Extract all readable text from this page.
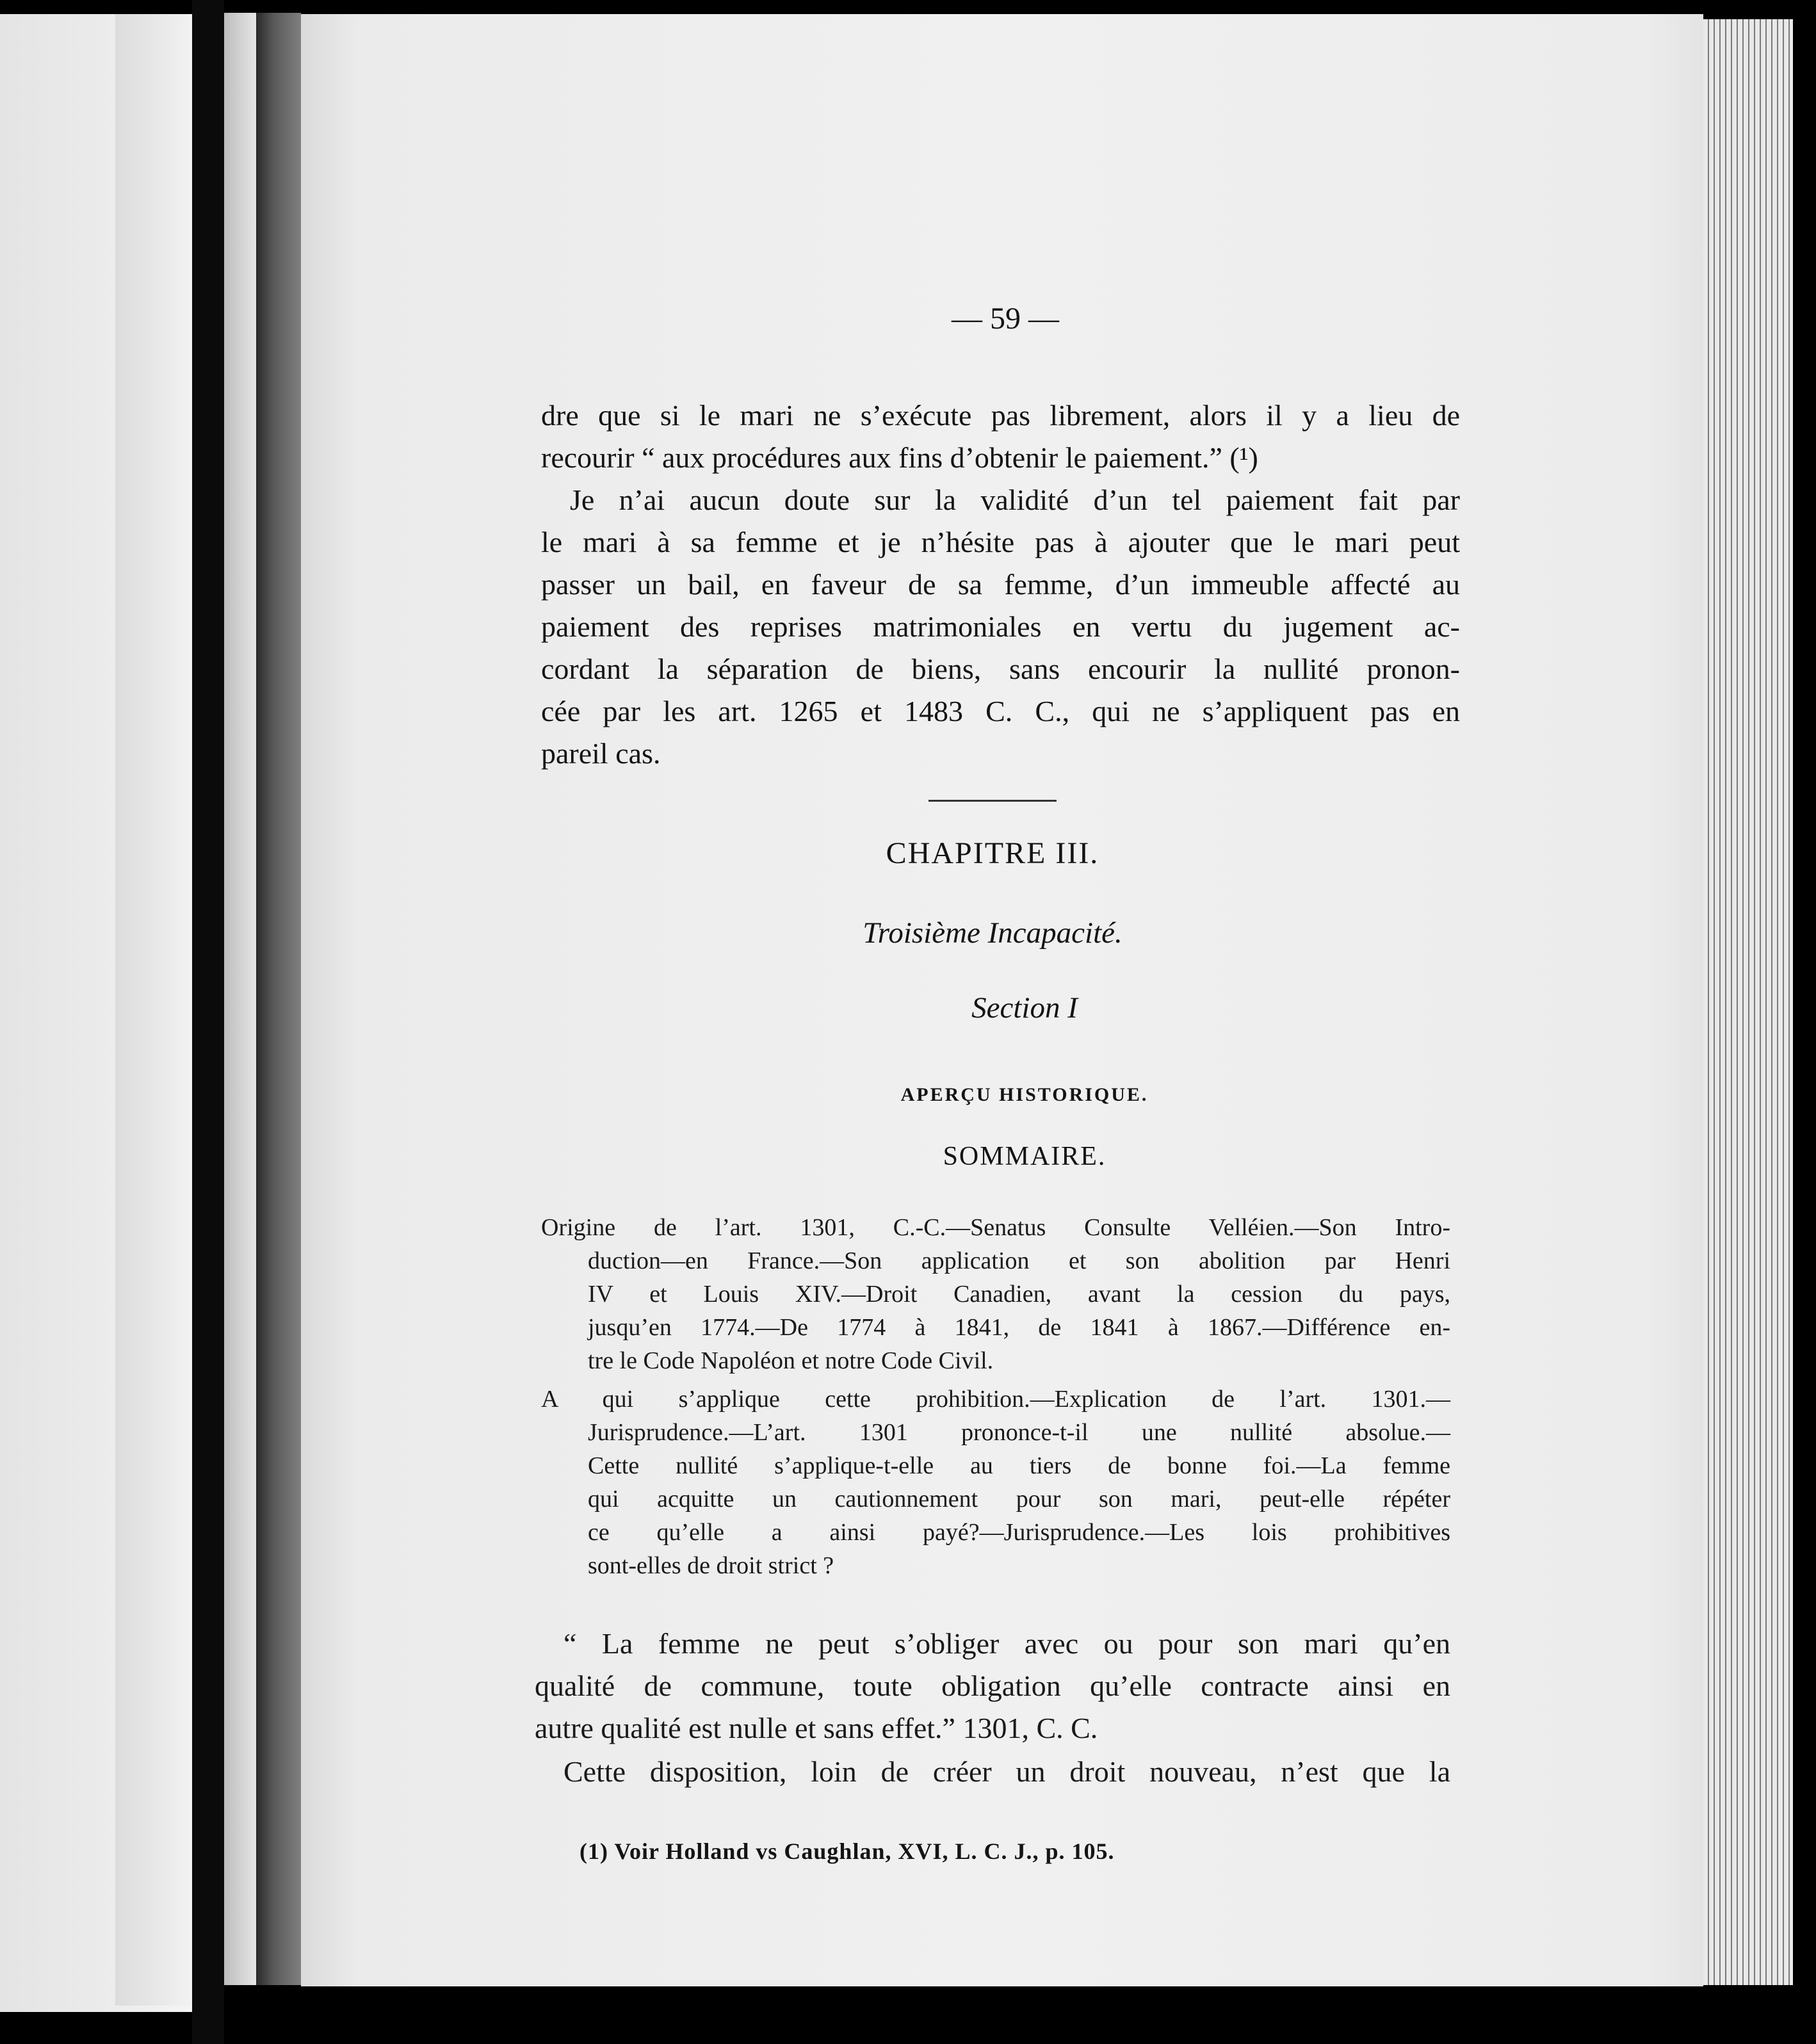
— 59 —
dre que si le mari ne s’exécute pas librement, alors il y a lieu de
recourir “ aux procédures aux fins d’obtenir le paiement.” (¹)
Je n’ai aucun doute sur la validité d’un tel paiement fait par
le mari à sa femme et je n’hésite pas à ajouter que le mari peut
passer un bail, en faveur de sa femme, d’un immeuble affecté au
paiement des reprises matrimoniales en vertu du jugement ac-
cordant la séparation de biens, sans encourir la nullité pronon-
cée par les art. 1265 et 1483 C. C., qui ne s’appliquent pas en
pareil cas.
CHAPITRE III.
Troisième Incapacité.
Section I
APERÇU HISTORIQUE.
SOMMAIRE.
Origine de l’art. 1301, C.-C.—Senatus Consulte Velléien.—Son Intro-
duction—en France.—Son application et son abolition par Henri
IV et Louis XIV.—Droit Canadien, avant la cession du pays,
jusqu’en 1774.—De 1774 à 1841, de 1841 à 1867.—Différence en-
tre le Code Napoléon et notre Code Civil.
A qui s’applique cette prohibition.—Explication de l’art. 1301.—
Jurisprudence.—L’art. 1301 prononce-t-il une nullité absolue.—
Cette nullité s’applique-t-elle au tiers de bonne foi.—La femme
qui acquitte un cautionnement pour son mari, peut-elle répéter
ce qu’elle a ainsi payé?—Jurisprudence.—Les lois prohibitives
sont-elles de droit strict ?
“ La femme ne peut s’obliger avec ou pour son mari qu’en
qualité de commune, toute obligation qu’elle contracte ainsi en
autre qualité est nulle et sans effet.” 1301, C. C.
Cette disposition, loin de créer un droit nouveau, n’est que la
(1) Voir Holland vs Caughlan, XVI, L. C. J., p. 105.
